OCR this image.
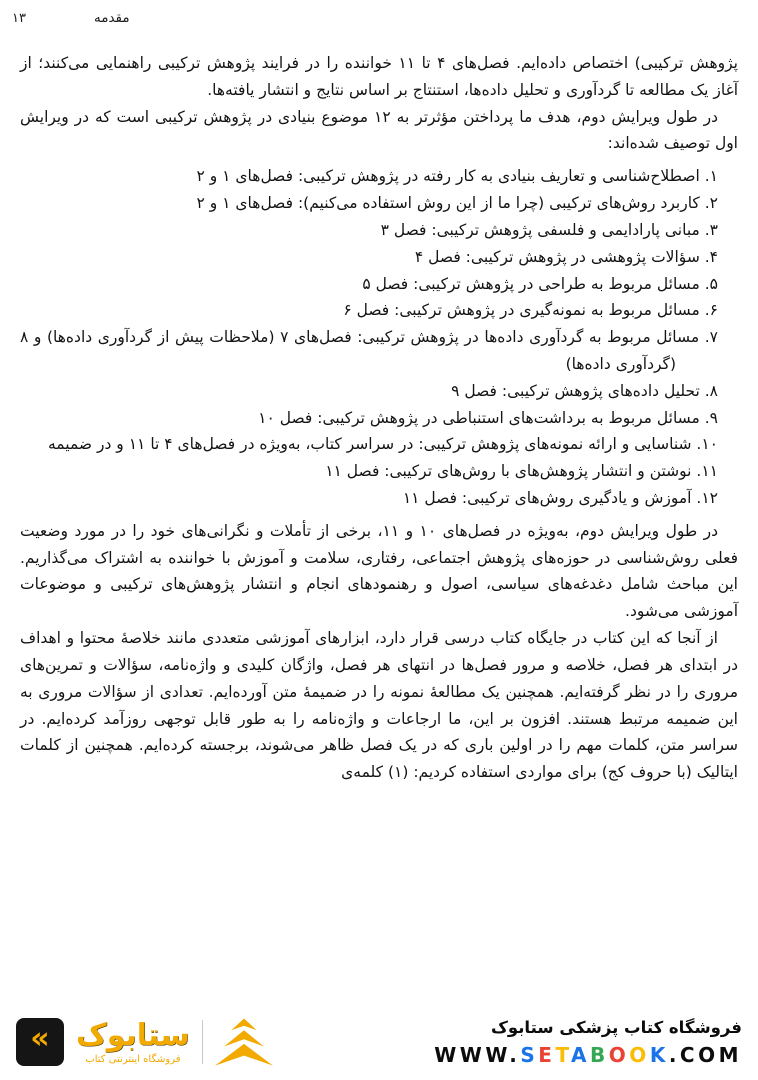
۱۳	مقدمه

پژوهش ترکیبی) اختصاص داده‌ایم. فصل‌های ۴ تا ۱۱ خواننده را در فرایند پژوهش ترکیبی راهنمایی می‌کنند؛ از آغاز یک مطالعه تا گردآوری و تحلیل داده‌ها، استنتاج بر اساس نتایج و انتشار یافته‌ها.

در طول ویرایش دوم، هدف ما پرداختن مؤثرتر به ۱۲ موضوع بنیادی در پژوهش ترکیبی است که در ویرایش اول توصیف شده‌اند:

۱. اصطلاح‌شناسی و تعاریف بنیادی به کار رفته در پژوهش ترکیبی: فصل‌های ۱ و ۲
۲. کاربرد روش‌های ترکیبی (چرا ما از این روش استفاده می‌کنیم): فصل‌های ۱ و ۲
۳. مبانی پارادایمی و فلسفی پژوهش ترکیبی: فصل ۳
۴. سؤالات پژوهشی در پژوهش ترکیبی: فصل ۴
۵. مسائل مربوط به طراحی در پژوهش ترکیبی: فصل ۵
۶. مسائل مربوط به نمونه‌گیری در پژوهش ترکیبی: فصل ۶
۷. مسائل مربوط به گردآوری داده‌ها در پژوهش ترکیبی: فصل‌های ۷ (ملاحظات پیش از گردآوری داده‌ها) و ۸ (گردآوری داده‌ها)
۸. تحلیل داده‌های پژوهش ترکیبی: فصل ۹
۹. مسائل مربوط به برداشت‌های استنباطی در پژوهش ترکیبی: فصل ۱۰
۱۰. شناسایی و ارائه نمونه‌های پژوهش ترکیبی: در سراسر کتاب، به‌ویژه در فصل‌های ۴ تا ۱۱ و در ضمیمه
۱۱. نوشتن و انتشار پژوهش‌های با روش‌های ترکیبی: فصل ۱۱
۱۲. آموزش و یادگیری روش‌های ترکیبی: فصل ۱۱

در طول ویرایش دوم، به‌ویژه در فصل‌های ۱۰ و ۱۱، برخی از تأملات و نگرانی‌های خود را در مورد وضعیت فعلی روش‌شناسی در حوزه‌های پژوهش اجتماعی، رفتاری، سلامت و آموزش با خواننده به اشتراک می‌گذاریم. این مباحث شامل دغدغه‌های سیاسی، اصول و رهنمودهای انجام و انتشار پژوهش‌های ترکیبی و موضوعات آموزشی می‌شود.

از آنجا که این کتاب در جایگاه کتاب درسی قرار دارد، ابزارهای آموزشی متعددی مانند خلاصهٔ محتوا و اهداف در ابتدای هر فصل، خلاصه و مرور فصل‌ها در انتهای هر فصل، واژگان کلیدی و واژه‌نامه، سؤالات و تمرین‌های مروری را در نظر گرفته‌ایم. همچنین یک مطالعهٔ نمونه را در ضمیمهٔ متن آورده‌ایم. تعدادی از سؤالات مروری به این ضمیمه مرتبط هستند. افزون بر این، ما ارجاعات و واژه‌نامه را به طور قابل توجهی روزآمد کرده‌ایم. در سراسر متن، کلمات مهم را در اولین باری که در یک فصل ظاهر می‌شوند، برجسته کرده‌ایم. همچنین از کلمات ایتالیک (با حروف کج) برای مواردی استفاده کردیم: (۱) کلمه‌ی

« ستابوک
فروشگاه اینترنتی کتاب
فروشگاه کتاب پزشکی ستابوک
WWW.SETABOOK.COM
